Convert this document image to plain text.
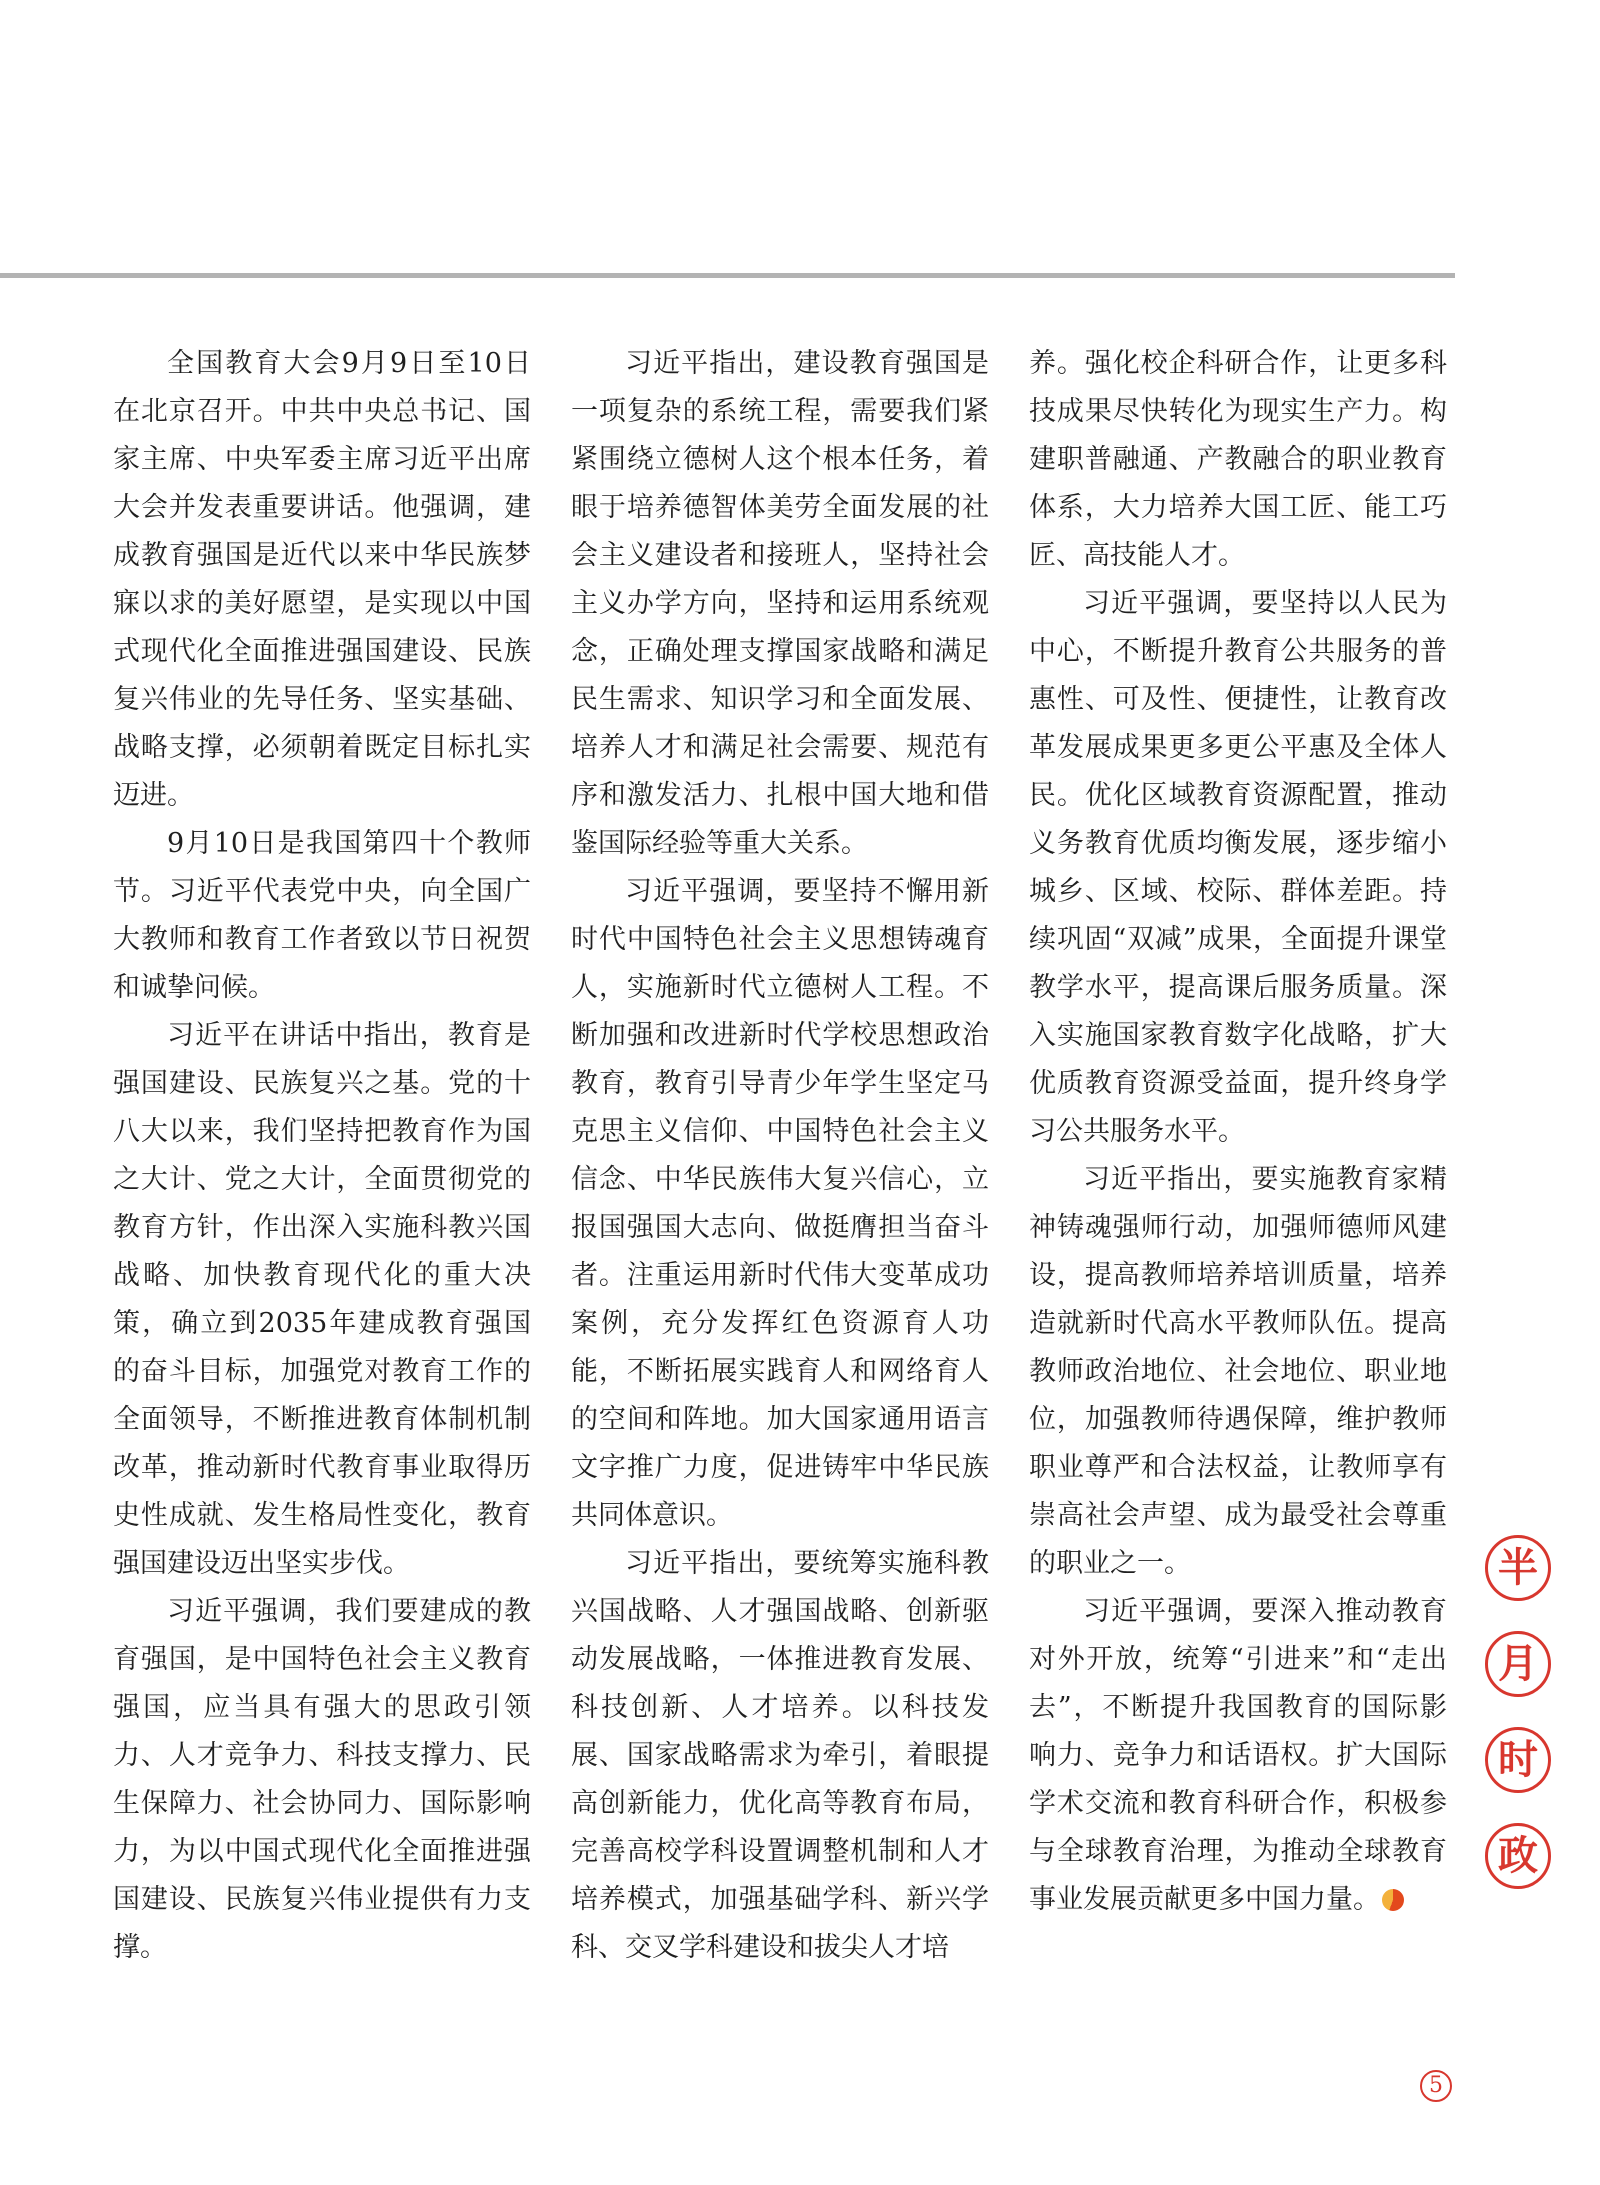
全国教育大会9月9日至10日在北京召开。中共中央总书记、国家主席、中央军委主席习近平出席大会并发表重要讲话。他强调，建成教育强国是近代以来中华民族梦寐以求的美好愿望，是实现以中国式现代化全面推进强国建设、民族复兴伟业的先导任务、坚实基础、战略支撑，必须朝着既定目标扎实迈进。

9月10日是我国第四十个教师节。习近平代表党中央，向全国广大教师和教育工作者致以节日祝贺和诚挚问候。

习近平在讲话中指出，教育是强国建设、民族复兴之基。党的十八大以来，我们坚持把教育作为国之大计、党之大计，全面贯彻党的教育方针，作出深入实施科教兴国战略、加快教育现代化的重大决策，确立到2035年建成教育强国的奋斗目标，加强党对教育工作的全面领导，不断推进教育体制机制改革，推动新时代教育事业取得历史性成就、发生格局性变化，教育强国建设迈出坚实步伐。

习近平强调，我们要建成的教育强国，是中国特色社会主义教育强国，应当具有强大的思政引领力、人才竞争力、科技支撑力、民生保障力、社会协同力、国际影响力，为以中国式现代化全面推进强国建设、民族复兴伟业提供有力支撑。

习近平指出，建设教育强国是一项复杂的系统工程，需要我们紧紧围绕立德树人这个根本任务，着眼于培养德智体美劳全面发展的社会主义建设者和接班人，坚持社会主义办学方向，坚持和运用系统观念，正确处理支撑国家战略和满足民生需求、知识学习和全面发展、培养人才和满足社会需要、规范有序和激发活力、扎根中国大地和借鉴国际经验等重大关系。

习近平强调，要坚持不懈用新时代中国特色社会主义思想铸魂育人，实施新时代立德树人工程。不断加强和改进新时代学校思想政治教育，教育引导青少年学生坚定马克思主义信仰、中国特色社会主义信念、中华民族伟大复兴信心，立报国强国大志向、做挺膺担当奋斗者。注重运用新时代伟大变革成功案例，充分发挥红色资源育人功能，不断拓展实践育人和网络育人的空间和阵地。加大国家通用语言文字推广力度，促进铸牢中华民族共同体意识。

习近平指出，要统筹实施科教兴国战略、人才强国战略、创新驱动发展战略，一体推进教育发展、科技创新、人才培养。以科技发展、国家战略需求为牵引，着眼提高创新能力，优化高等教育布局，完善高校学科设置调整机制和人才培养模式，加强基础学科、新兴学科、交叉学科建设和拔尖人才培

养。强化校企科研合作，让更多科技成果尽快转化为现实生产力。构建职普融通、产教融合的职业教育体系，大力培养大国工匠、能工巧匠、高技能人才。

习近平强调，要坚持以人民为中心，不断提升教育公共服务的普惠性、可及性、便捷性，让教育改革发展成果更多更公平惠及全体人民。优化区域教育资源配置，推动义务教育优质均衡发展，逐步缩小城乡、区域、校际、群体差距。持续巩固“双减”成果，全面提升课堂教学水平，提高课后服务质量。深入实施国家教育数字化战略，扩大优质教育资源受益面，提升终身学习公共服务水平。

习近平指出，要实施教育家精神铸魂强师行动，加强师德师风建设，提高教师培养培训质量，培养造就新时代高水平教师队伍。提高教师政治地位、社会地位、职业地位，加强教师待遇保障，维护教师职业尊严和合法权益，让教师享有崇高社会声望、成为最受社会尊重的职业之一。

习近平强调，要深入推动教育对外开放，统筹“引进来”和“走出去”，不断提升我国教育的国际影响力、竞争力和话语权。扩大国际学术交流和教育科研合作，积极参与全球教育治理，为推动全球教育事业发展贡献更多中国力量。

半
月
时
政
5
